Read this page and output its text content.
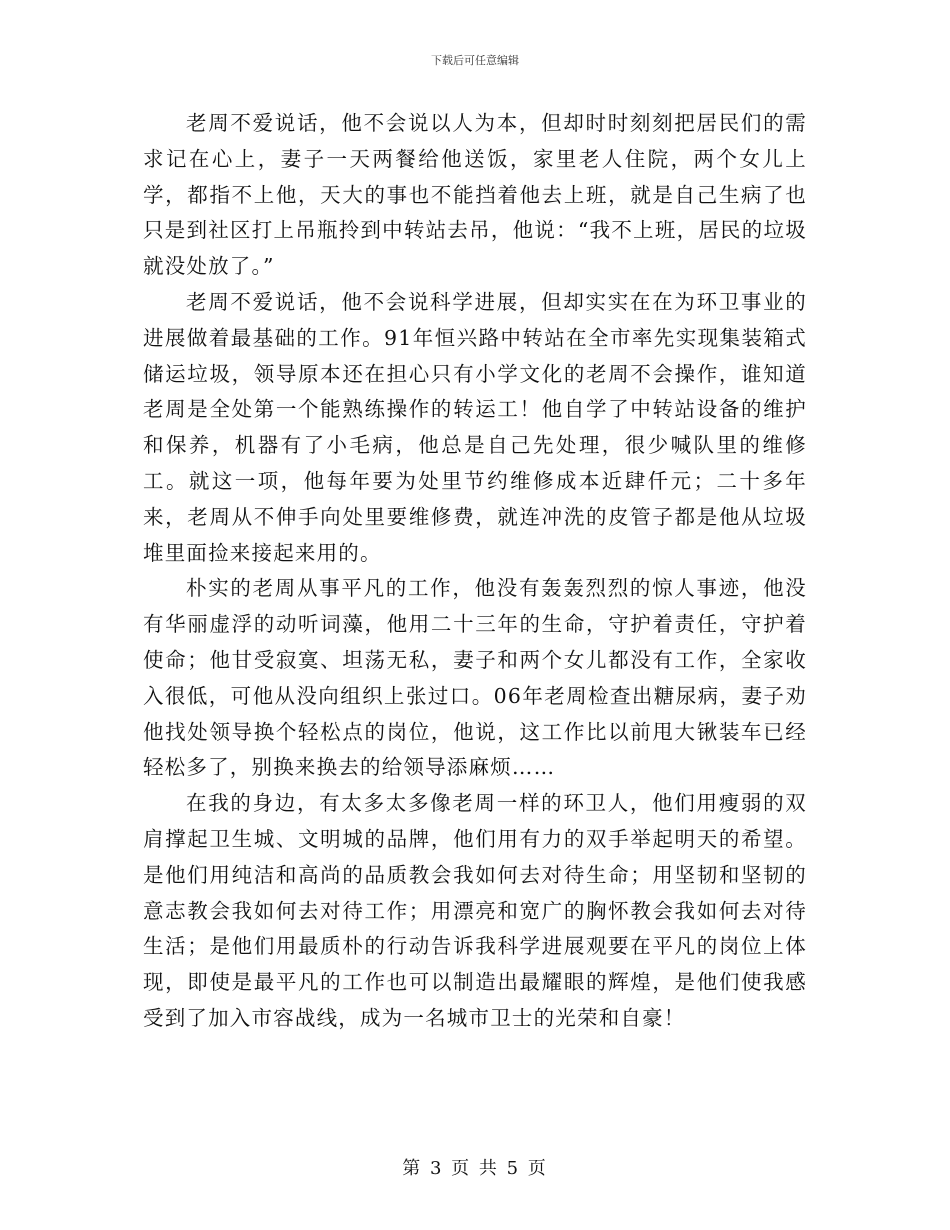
下载后可任意编辑

老周不爱说话，他不会说以人为本，但却时时刻刻把居民们的需求记在心上，妻子一天两餐给他送饭，家里老人住院，两个女儿上学，都指不上他，天大的事也不能挡着他去上班，就是自己生病了也只是到社区打上吊瓶拎到中转站去吊，他说：“我不上班，居民的垃圾就没处放了。”

老周不爱说话，他不会说科学进展，但却实实在在为环卫事业的进展做着最基础的工作。91年恒兴路中转站在全市率先实现集装箱式储运垃圾，领导原本还在担心只有小学文化的老周不会操作，谁知道老周是全处第一个能熟练操作的转运工！他自学了中转站设备的维护和保养，机器有了小毛病，他总是自己先处理，很少喊队里的维修工。就这一项，他每年要为处里节约维修成本近肆仟元；二十多年来，老周从不伸手向处里要维修费，就连冲洗的皮管子都是他从垃圾堆里面捡来接起来用的。

朴实的老周从事平凡的工作，他没有轰轰烈烈的惊人事迹，他没有华丽虚浮的动听词藻，他用二十三年的生命，守护着责任，守护着使命；他甘受寂寞、坦荡无私，妻子和两个女儿都没有工作，全家收入很低，可他从没向组织上张过口。06年老周检查出糖尿病，妻子劝他找处领导换个轻松点的岗位，他说，这工作比以前甩大锹装车已经轻松多了，别换来换去的给领导添麻烦……

在我的身边，有太多太多像老周一样的环卫人，他们用瘦弱的双肩撑起卫生城、文明城的品牌，他们用有力的双手举起明天的希望。是他们用纯洁和高尚的品质教会我如何去对待生命；用坚韧和坚韧的意志教会我如何去对待工作；用漂亮和宽广的胸怀教会我如何去对待生活；是他们用最质朴的行动告诉我科学进展观要在平凡的岗位上体现，即使是最平凡的工作也可以制造出最耀眼的辉煌，是他们使我感受到了加入市容战线，成为一名城市卫士的光荣和自豪！

第 3 页 共 5 页
